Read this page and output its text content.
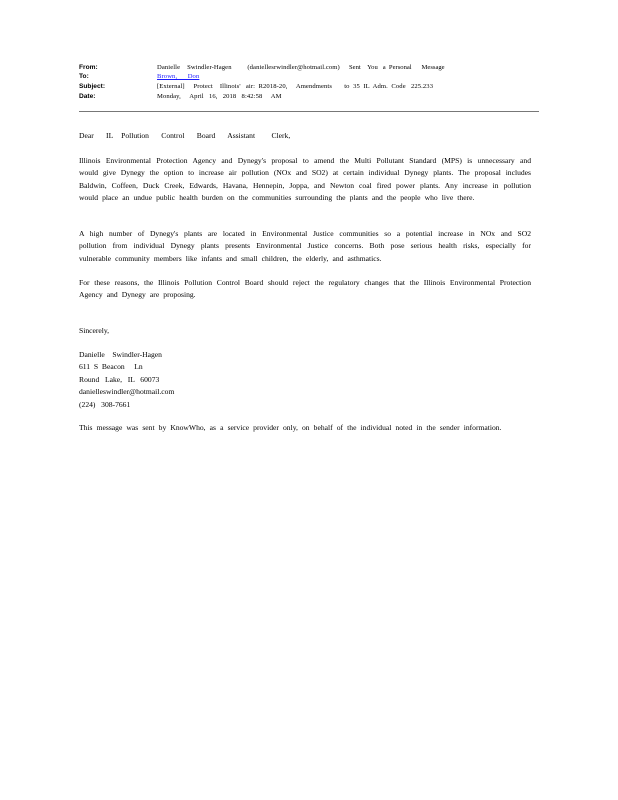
From:	Danielle    Swindler-Hagen         (daniellesrwindler@hotmail.com) Sent    You   a  Personal      Message
To:	Brown,      Don
Subject:	[External]     Protect    Illinois'   air:  R2018-20,     Amendments       to  35  IL  Adm.  Code   225.233
Date:	Monday,     April   16,   2018   8:42:58     AM

Dear   IL  Pollution   Control   Board   Assistant    Clerk,

Illinois Environmental Protection Agency and Dynegy's proposal to amend the Multi Pollutant Standard (MPS) is unnecessary and would give Dynegy the option to increase air pollution (NOx and SO2) at certain individual Dynegy plants. The proposal includes Baldwin, Coffeen, Duck Creek, Edwards, Havana, Hennepin, Joppa, and Newton coal fired power plants. Any increase in pollution would place an undue public health burden on the communities surrounding the plants and the people who live there.

A high number of Dynegy's plants are located in Environmental Justice communities so a potential increase in NOx and SO2 pollution from individual Dynegy plants presents Environmental Justice concerns. Both pose serious health risks, especially for vulnerable community members like infants and small children, the elderly, and asthmatics.

For these reasons, the Illinois Pollution Control Board should reject the regulatory changes that the Illinois Environmental Protection Agency and Dynegy are proposing.

Sincerely,

Danielle    Swindler-Hagen
611  S  Beacon     Ln
Round   Lake,   IL   60073
danielleswindler@hotmail.com
(224)   308-7661

This message was sent by KnowWho, as a service provider only, on behalf of the individual noted in the sender information.
